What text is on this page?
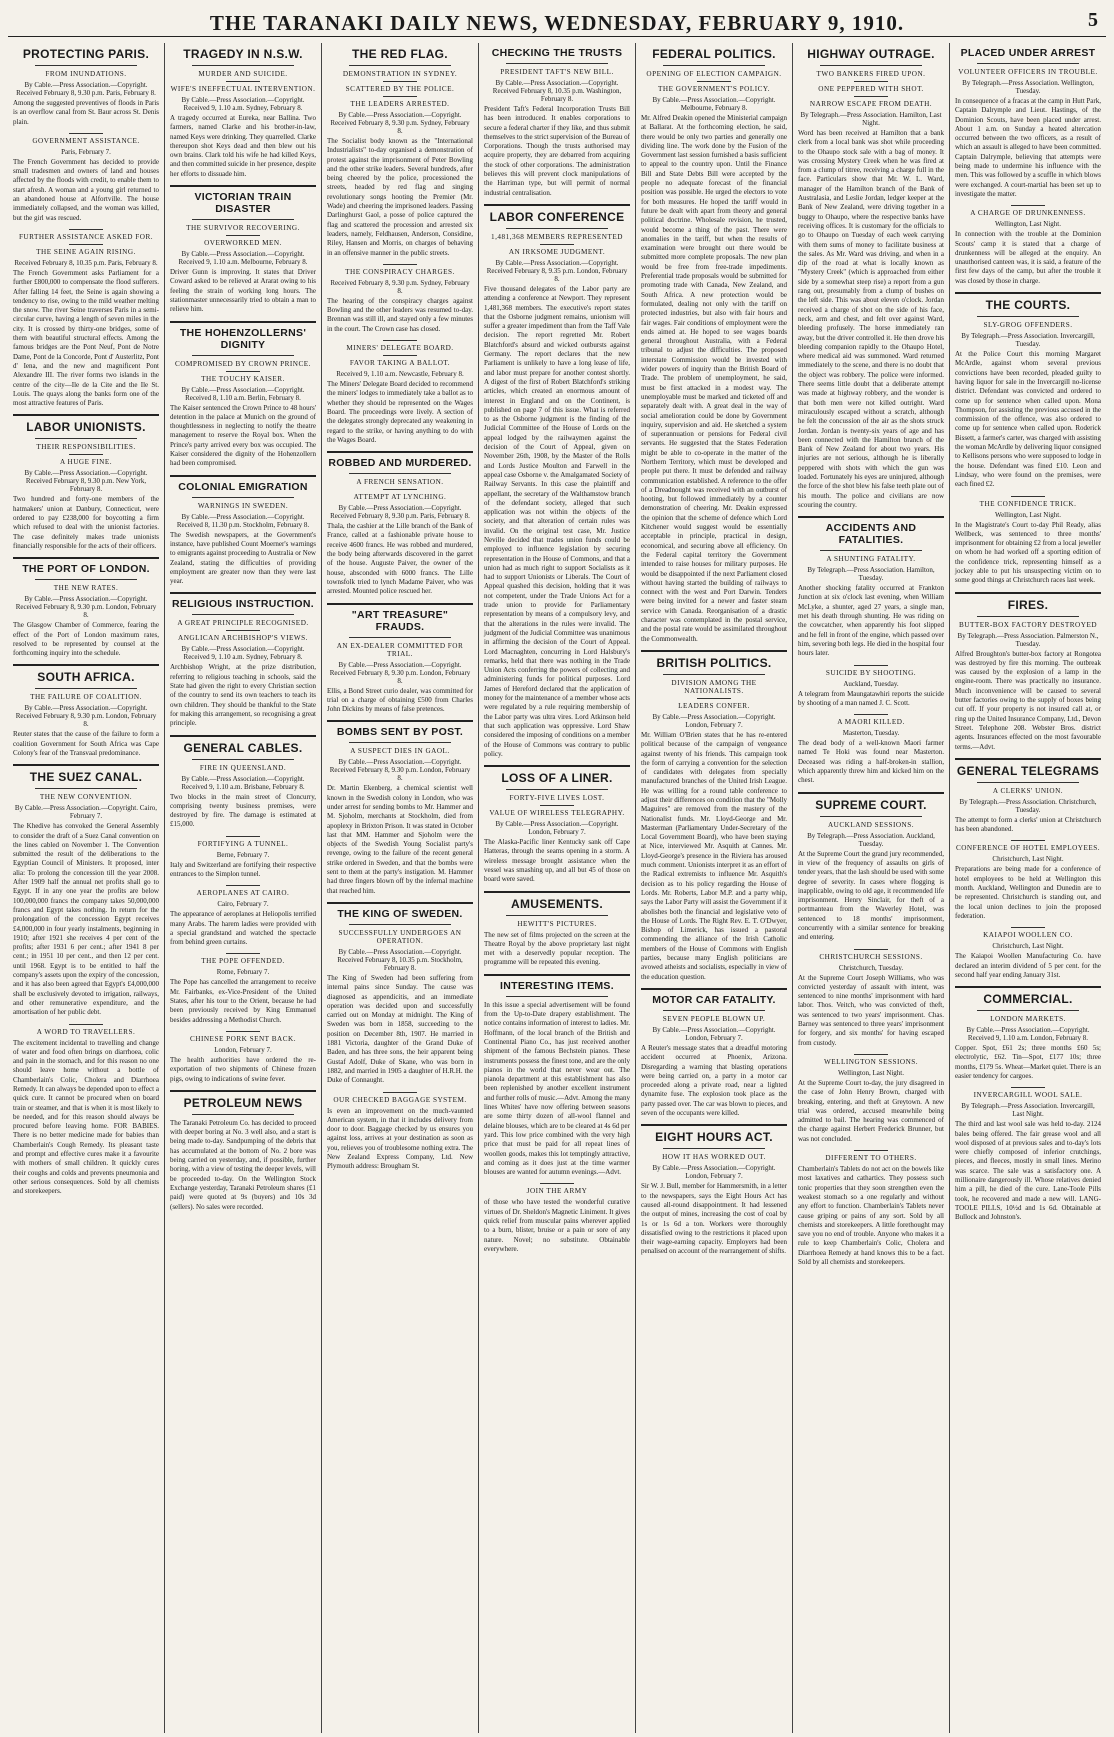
THE TARANAKI DAILY NEWS, WEDNESDAY, FEBRUARY 9, 1910.	5
PROTECTING PARIS.
FROM INUNDATIONS.
By Cable.—Press Association.—Copyright. Received February 8, 9.30 p.m. Paris, February 8.
Among the suggested preventives of floods in Paris is an overflow canal from St. Baur across St. Denis plain.
GOVERNMENT ASSISTANCE.
Paris, February 7.
The French Government has decided to provide small tradesmen and owners of land and houses affected by the floods with credit, to enable them to start afresh. A woman and a young girl returned to an abandoned house at Alfortville. The house immediately collapsed, and the woman was killed, but the girl was rescued.
FURTHER ASSISTANCE ASKED FOR.
THE SEINE AGAIN RISING.
Received February 8, 10.35 p.m. Paris, February 8.
The French Government asks Parliament for a further £800,000 to compensate the flood sufferers. After falling 14 feet, the Seine is again showing a tendency to rise, owing to the mild weather melting the snow. The river Seine traverses Paris in a semi-circular curve, having a length of seven miles in the city. It is crossed by thirty-one bridges, some of them with beautiful structural effects. Among the famous bridges are the Pont Neuf, Pont de Notre Dame, Pont de la Concorde, Pont d' Austerlitz, Pont d' Iena, and the new and magnificent Pont Alexandre III. The river forms two islands in the centre of the city—Ile de la Cite and the Ile St. Louis. The quays along the banks form one of the most attractive features of Paris.
LABOR UNIONISTS.
THEIR RESPONSIBILITIES.
A HUGE FINE.
By Cable.—Press Association.—Copyright. Received February 8, 9.30 p.m. New York, February 8.
Two hundred and forty-one members of the hatmakers' union at Danbury, Connecticut, were ordered to pay £238,000 for boycotting a firm which refused to deal with the unionist factories. The case definitely makes trade unionists financially responsible for the acts of their officers.
THE PORT OF LONDON.
THE NEW RATES.
By Cable.—Press Association.—Copyright. Received February 8, 9.30 p.m. London, February 8.
The Glasgow Chamber of Commerce, fearing the effect of the Port of London maximum rates, resolved to be represented by counsel at the forthcoming inquiry into the schedule.
SOUTH AFRICA.
THE FAILURE OF COALITION.
By Cable.—Press Association.—Copyright. Received February 8, 9.30 p.m. London, February 8.
Reuter states that the cause of the failure to form a coalition Government for South Africa was Cape Colony's fear of the Transvaal predominance.
THE SUEZ CANAL.
THE NEW CONVENTION.
By Cable.—Press Association.—Copyright. Cairo, February 7.
The Khedive has convoked the General Assembly to consider the draft of a Suez Canal convention on the lines cabled on November 1. The Convention submitted the result of the deliberations to the Egyptian Council of Ministers. It proposed, inter alia: To prolong the concession till the year 2008. After 1909 half the annual net profits shall go to Egypt. If in any one year the profits are below 100,000,000 francs the company takes 50,000,000 francs and Egypt takes nothing. In return for the prolongation of the concession Egypt receives £4,000,000 in four yearly instalments, beginning in 1910; after 1921 she receives 4 per cent of the profits; after 1931 6 per cent.; after 1941 8 per cent.; in 1951 10 per cent., and then 12 per cent. until 1968. Egypt is to be entitled to half the company's assets upon the expiry of the concession, and it has also been agreed that Egypt's £4,000,000 shall be exclusively devoted to irrigation, railways, and other remunerative expenditure, and the amortisation of her public debt.
A WORD TO TRAVELLERS.
The excitement incidental to travelling and change of water and food often brings on diarrhoea, colic and pain in the stomach, and for this reason no one should leave home without a bottle of Chamberlain's Colic, Cholera and Diarrhoea Remedy. It can always be depended upon to effect a quick cure. It cannot be procured when on board train or steamer, and that is when it is most likely to be needed, and for this reason should always be procured before leaving home. FOR BABIES. There is no better medicine made for babies than Chamberlain's Cough Remedy. Its pleasant taste and prompt and effective cures make it a favourite with mothers of small children. It quickly cures their coughs and colds and prevents pneumonia and other serious consequences. Sold by all chemists and storekeepers.
TRAGEDY IN N.S.W.
MURDER AND SUICIDE.
WIFE'S INEFFECTUAL INTERVENTION.
By Cable.—Press Association.—Copyright. Received 9, 1.10 a.m. Sydney, February 8.
A tragedy occurred at Eureka, near Ballina. Two farmers, named Clarke and his brother-in-law, named Keys were drinking. They quarrelled. Clarke thereupon shot Keys dead and then blew out his own brains. Clark told his wife he had killed Keys, and then committed suicide in her presence, despite her efforts to dissuade him.
VICTORIAN TRAIN DISASTER
THE SURVIVOR RECOVERING.
OVERWORKED MEN.
By Cable.—Press Association.—Copyright. Received 9, 1.10 a.m. Melbourne, February 8.
Driver Gunn is improving. It states that Driver Coward asked to be relieved at Ararat owing to his feeling the strain of working long hours. The stationmaster unnecessarily tried to obtain a man to relieve him.
THE HOHENZOLLERNS' DIGNITY
COMPROMISED BY CROWN PRINCE.
THE TOUCHY KAISER.
By Cable.—Press Association.—Copyright. Received 8, 1.10 a.m. Berlin, February 8.
The Kaiser sentenced the Crown Prince to 48 hours' detention in the palace at Munich on the ground of thoughtlessness in neglecting to notify the theatre management to reserve the Royal box. When the Prince's party arrived every box was occupied. The Kaiser considered the dignity of the Hohenzollern had been compromised.
COLONIAL EMIGRATION
WARNINGS IN SWEDEN.
By Cable.—Press Association.—Copyright. Received 8, 11.30 p.m. Stockholm, February 8.
The Swedish newspapers, at the Government's instance, have published Count Moerner's warnings to emigrants against proceeding to Australia or New Zealand, stating the difficulties of providing employment are greater now than they were last year.
RELIGIOUS INSTRUCTION.
A GREAT PRINCIPLE RECOGNISED.
ANGLICAN ARCHBISHOP'S VIEWS.
By Cable.—Press Association.—Copyright. Received 9, 1.10 a.m. Sydney, February 8.
Archbishop Wright, at the prize distribution, referring to religious teaching in schools, said the State had given the right to every Christian section of the country to send its own teachers to teach its own children. They should be thankful to the State for making this arrangement, so recognising a great principle.
GENERAL CABLES.
FIRE IN QUEENSLAND.
By Cable.—Press Association.—Copyright. Received 9, 1.10 a.m. Brisbane, February 8.
Two blocks in the main street of Cloncurry, comprising twenty business premises, were destroyed by fire. The damage is estimated at £15,000.
FORTIFYING A TUNNEL.
Berne, February 7.
Italy and Switzerland are fortifying their respective entrances to the Simplon tunnel.
AEROPLANES AT CAIRO.
Cairo, February 7.
The appearance of aeroplanes at Heliopolis terrified many Arabs. The harem ladies were provided with a special grandstand and watched the spectacle from behind green curtains.
THE POPE OFFENDED.
Rome, February 7.
The Pope has cancelled the arrangement to receive Mr. Fairbanks, ex-Vice-President of the United States, after his tour to the Orient, because he had been previously received by King Emmanuel besides addressing a Methodist Church.
CHINESE PORK SENT BACK.
London, February 7.
The health authorities have ordered the re-exportation of two shipments of Chinese frozen pigs, owing to indications of swine fever.
PETROLEUM NEWS
The Taranaki Petroleum Co. has decided to proceed with deeper boring at No. 3 well also, and a start is being made to-day. Sandpumping of the debris that has accumulated at the bottom of No. 2 bore was being carried on yesterday, and, if possible, further boring, with a view of testing the deeper levels, will be proceeded to-day. On the Wellington Stock Exchange yesterday, Taranaki Petroleum shares (£1 paid) were quoted at 9s (buyers) and 10s 3d (sellers). No sales were recorded.
THE RED FLAG.
DEMONSTRATION IN SYDNEY.
SCATTERED BY THE POLICE.
THE LEADERS ARRESTED.
By Cable.—Press Association.—Copyright. Received February 8, 9.30 p.m. Sydney, February 8.
The Socialist body known as the "International Industrialists" to-day organised a demonstration of protest against the imprisonment of Peter Bowling and the other strike leaders. Several hundreds, after being cheered by the police, processioned the streets, headed by red flag and singing revolutionary songs hooting the Premier (Mr. Wade) and cheering the imprisoned leaders. Passing Darlinghurst Gaol, a posse of police captured the flag and scattered the procession and arrested six leaders, namely, Feldhausen, Anderson, Considine, Riley, Hansen and Morris, on charges of behaving in an offensive manner in the public streets.
THE CONSPIRACY CHARGES.
Received February 8, 9.30 p.m. Sydney, February 8.
The hearing of the conspiracy charges against Bowling and the other leaders was resumed to-day. Brennan was still ill, and stayed only a few minutes in the court. The Crown case has closed.
MINERS' DELEGATE BOARD.
FAVOR TAKING A BALLOT.
Received 9, 1.10 a.m. Newcastle, February 8.
The Miners' Delegate Board decided to recommend the miners' lodges to immediately take a ballot as to whether they should be represented on the Wages Board. The proceedings were lively. A section of the delegates strongly deprecated any weakening in regard to the strike, or having anything to do with the Wages Board.
ROBBED AND MURDERED.
A FRENCH SENSATION.
ATTEMPT AT LYNCHING.
By Cable.—Press Association.—Copyright. Received February 8, 9.30 p.m. Paris, February 8.
Thala, the cashier at the Lille branch of the Bank of France, called at a fashionable private house to receive 4600 francs. He was robbed and murdered, the body being afterwards discovered in the garret of the house. Auguste Paiver, the owner of the house, absconded with 6000 francs. The Lille townsfolk tried to lynch Madame Paiver, who was arrested. Mounted police rescued her.
"ART TREASURE" FRAUDS.
AN EX-DEALER COMMITTED FOR TRIAL.
By Cable.—Press Association.—Copyright. Received February 8, 9.30 p.m. London, February 8.
Ellis, a Bond Street curio dealer, was committed for trial on a charge of obtaining £500 from Charles John Dickins by means of false pretences.
BOMBS SENT BY POST.
A SUSPECT DIES IN GAOL.
By Cable.—Press Association.—Copyright. Received February 8, 9.30 p.m. London, February 8.
Dr. Martin Ekenberg, a chemical scientist well known in the Swedish colony in London, who was under arrest for sending bombs to Mr. Hammer and M. Sjoholm, merchants at Stockholm, died from apoplexy in Brixton Prison. It was stated in October last that MM. Hammer and Sjoholm were the objects of the Swedish Young Socialist party's revenge, owing to the failure of the recent general strike ordered in Sweden, and that the bombs were sent to them at the party's instigation. M. Hammer had three fingers blown off by the infernal machine that reached him.
THE KING OF SWEDEN.
SUCCESSFULLY UNDERGOES AN OPERATION.
By Cable.—Press Association.—Copyright. Received February 8, 10.35 p.m. Stockholm, February 8.
The King of Sweden had been suffering from internal pains since Sunday. The cause was diagnosed as appendicitis, and an immediate operation was decided upon and successfully carried out on Monday at midnight. The King of Sweden was born in 1858, succeeding to the position on December 8th, 1907. He married in 1881 Victoria, daughter of the Grand Duke of Baden, and has three sons, the heir apparent being Gustaf Adolf, Duke of Skane, who was born in 1882, and married in 1905 a daughter of H.R.H. the Duke of Connaught.
OUR CHECKED BAGGAGE SYSTEM.
Is even an improvement on the much-vaunted American system, in that it includes delivery from door to door. Baggage checked by us ensures you against loss, arrives at your destination as soon as you, relieves you of troublesome nothing extra. The New Zealand Express Company, Ltd. New Plymouth address: Brougham St.
CHECKING THE TRUSTS
PRESIDENT TAFT'S NEW BILL.
By Cable.—Press Association.—Copyright. Received February 8, 10.35 p.m. Washington, February 8.
President Taft's Federal Incorporation Trusts Bill has been introduced. It enables corporations to secure a federal charter if they like, and thus submit themselves to the strict supervision of the Bureau of Corporations. Though the trusts authorised may acquire property, they are debarred from acquiring the stock of other corporations. The administration believes this will prevent clock manipulations of the Harriman type, but will permit of normal industrial centralisation.
LABOR CONFERENCE
1,481,368 MEMBERS REPRESENTED
AN IRKSOME JUDGMENT.
By Cable.—Press Association.—Copyright. Received February 8, 9.35 p.m. London, February 8.
Five thousand delegates of the Labor party are attending a conference at Newport. They represent 1,481,368 members. The executive's report states that the Osborne judgment remains, unionism will suffer a greater impediment than from the Taff Vale decision. The report regretted Mr. Robert Blatchford's absurd and wicked outbursts against Germany. The report declares that the new Parliament is unlikely to have a long lease of life, and labor must prepare for another contest shortly. A digest of the first of Robert Blatchford's striking articles, which created an enormous amount of interest in England and on the Continent, is published on page 7 of this issue. What is referred to as the Osborne judgment is the finding of the Judicial Committee of the House of Lords on the appeal lodged by the railwaymen against the decision of the Court of Appeal, given on November 26th, 1908, by the Master of the Rolls and Lords Justice Moulton and Farwell in the appeal case Osborne v. the Amalgamated Society of Railway Servants. In this case the plaintiff and appellant, the secretary of the Walthamstow branch of the defendant society, alleged that such application was not within the objects of the society, and that alteration of certain rules was invalid. On the original test case, Mr. Justice Neville decided that trades union funds could be employed to influence legislation by securing representation in the House of Commons, and that a union had as much right to support Socialists as it had to support Unionists or Liberals. The Court of Appeal quashed this decision, holding that it was not competent, under the Trade Unions Act for a trade union to provide for Parliamentary representation by means of a compulsory levy, and that the alterations in the rules were invalid. The judgment of the Judicial Committee was unanimous in affirming the decision of the Court of Appeal. Lord Macnaghten, concurring in Lord Halsbury's remarks, held that there was nothing in the Trade Union Acts conferring the powers of collecting and administering funds for political purposes. Lord James of Hereford declared that the application of money for the maintenance of a member whose acts were regulated by a rule requiring membership of the Labor party was ultra vires. Lord Atkinson held that such application was oppressive. Lord Shaw considered the imposing of conditions on a member of the House of Commons was contrary to public policy.
LOSS OF A LINER.
FORTY-FIVE LIVES LOST.
VALUE OF WIRELESS TELEGRAPHY.
By Cable.—Press Association.—Copyright. London, February 7.
The Alaska-Pacific liner Kentucky sank off Cape Hatteras, through the seams opening in a storm. A wireless message brought assistance when the vessel was smashing up, and all but 45 of those on board were saved.
AMUSEMENTS.
HEWITT'S PICTURES.
The new set of films projected on the screen at the Theatre Royal by the above proprietary last night met with a deservedly popular reception. The programme will be repeated this evening.
INTERESTING ITEMS.
In this issue a special advertisement will be found from the Up-to-Date drapery establishment. The notice contains information of interest to ladies. Mr. Hoffmann, of the local branch of the British and Continental Piano Co., has just received another shipment of the famous Bechstein pianos. These instruments possess the finest tone, and are the only pianos in the world that never wear out. The pianola department at this establishment has also been replenished by another excellent instrument and further rolls of music.—Advt. Among the many lines Whites' have now offering between seasons are some thirty dozen of all-wool flannel and delaine blouses, which are to be cleared at 4s 6d per yard. This low price combined with the very high price that must be paid for all repeat lines of woollen goods, makes this lot temptingly attractive, and coming as it does just at the time warmer blouses are wanted for autumn evenings.—Advt.
JOIN THE ARMY
of those who have tested the wonderful curative virtues of Dr. Sheldon's Magnetic Liniment. It gives quick relief from muscular pains wherever applied to a burn, blister, bruise or a pain or sore of any nature. Novel; no substitute. Obtainable everywhere.
FEDERAL POLITICS.
OPENING OF ELECTION CAMPAIGN.
THE GOVERNMENT'S POLICY.
By Cable.—Press Association.—Copyright. Melbourne, February 8.
Mr. Alfred Deakin opened the Ministerial campaign at Ballarat. At the forthcoming election, he said, there would be only two parties and generally one dividing line. The work done by the Fusion of the Government last session furnished a basis sufficient to appeal to the country upon. Until the Finance Bill and State Debts Bill were accepted by the people no adequate forecast of the financial position was possible. He urged the electors to vote for both measures. He hoped the tariff would in future be dealt with apart from theory and general political doctrine. Wholesale revision, he trusted, would become a thing of the past. There were anomalies in the tariff, but when the results of examination were brought out there would be submitted more complete proposals. The new plan would be free from free-trade impediments. Preferential trade proposals would be submitted for promoting trade with Canada, New Zealand, and South Africa. A new protection would be formulated, dealing not only with the tariff on protected industries, but also with fair hours and fair wages. Fair conditions of employment were the ends aimed at. He hoped to see wages boards general throughout Australia, with a Federal tribunal to adjust the difficulties. The proposed interstate Commission would be invested with wider powers of inquiry than the British Board of Trade. The problem of unemployment, he said, must be first attacked in a modest way. The unemployable must be marked and ticketed off and separately dealt with. A great deal in the way of social amelioration could be done by Government inquiry, supervision and aid. He sketched a system of superannuation or pensions for Federal civil servants. He suggested that the States Federation might be able to co-operate in the matter of the Northern Territory, which must be developed and people put there. It must be defended and railway communication established. A reference to the offer of a Dreadnought was received with an outburst of hooting, but followed immediately by a counter demonstration of cheering. Mr. Deakin expressed the opinion that the scheme of defence which Lord Kitchener would suggest would be essentially acceptable in principle, practical in design, economical, and securing above all efficiency. On the Federal capital territory the Government intended to raise houses for military purposes. He would be disappointed if the next Parliament closed without having started the building of railways to connect with the west and Port Darwin. Tenders were being invited for a newer and faster steam service with Canada. Reorganisation of a drastic character was contemplated in the postal service, and the postal rate would be assimilated throughout the Commonwealth.
BRITISH POLITICS.
DIVISION AMONG THE NATIONALISTS.
LEADERS CONFER.
By Cable.—Press Association.—Copyright. London, February 7.
Mr. William O'Brien states that he has re-entered political because of the campaign of vengeance against twenty of his friends. This campaign took the form of carrying a convention for the selection of candidates with delegates from specially manufactured branches of the United Irish League. He was willing for a round table conference to adjust their differences on condition that the "Molly Maguires" are removed from the mastery of the Nationalist funds. Mr. Lloyd-George and Mr. Masterman (Parliamentary Under-Secretary of the Local Government Board), who have been staying at Nice, interviewed Mr. Asquith at Cannes. Mr. Lloyd-George's presence in the Riviera has aroused much comment. Unionists interpret it as an effort of the Radical extremists to influence Mr. Asquith's decision as to his policy regarding the House of Lords. Mr. Roberts, Labor M.P. and a party whip, says the Labor Party will assist the Government if it abolishes both the financial and legislative veto of the House of Lords. The Right Rev. E. T. O'Dwyer, Bishop of Limerick, has issued a pastoral commending the alliance of the Irish Catholic members of the House of Commons with English parties, because many English politicians are avowed atheists and socialists, especially in view of the education question.
MOTOR CAR FATALITY.
SEVEN PEOPLE BLOWN UP.
By Cable.—Press Association.—Copyright. London, February 7.
A Reuter's message states that a dreadful motoring accident occurred at Phoenix, Arizona. Disregarding a warning that blasting operations were being carried on, a party in a motor car proceeded along a private road, near a lighted dynamite fuse. The explosion took place as the party passed over. The car was blown to pieces, and seven of the occupants were killed.
EIGHT HOURS ACT.
HOW IT HAS WORKED OUT.
By Cable.—Press Association.—Copyright. London, February 7.
Sir W. J. Bull, member for Hammersmith, in a letter to the newspapers, says the Eight Hours Act has caused all-round disappointment. It had lessened the output of mines, increasing the cost of coal by 1s or 1s 6d a ton. Workers were thoroughly dissatisfied owing to the restrictions it placed upon their wage-earning capacity. Employers had been penalised on account of the rearrangement of shifts.
HIGHWAY OUTRAGE.
TWO BANKERS FIRED UPON.
ONE PEPPERED WITH SHOT.
NARROW ESCAPE FROM DEATH.
By Telegraph.—Press Association. Hamilton, Last Night.
Word has been received at Hamilton that a bank clerk from a local bank was shot while proceeding to the Ohaupo stock sale with a bag of money. It was crossing Mystery Creek when he was fired at from a clump of titree, receiving a charge full in the face. Particulars show that Mr. W. L. Ward, manager of the Hamilton branch of the Bank of Australasia, and Leslie Jordan, ledger keeper at the Bank of New Zealand, were driving together in a buggy to Ohaupo, where the respective banks have receiving offices. It is customary for the officials to go to Ohaupo on Tuesday of each week carrying with them sums of money to facilitate business at the sales. As Mr. Ward was driving, and when in a dip of the road at what is locally known as "Mystery Creek" (which is approached from either side by a somewhat steep rise) a report from a gun rang out, presumably from a clump of bushes on the left side. This was about eleven o'clock. Jordan received a charge of shot on the side of his face, neck, arm and chest, and felt over against Ward, bleeding profusely. The horse immediately ran away, but the driver controlled it. He then drove his bleeding companion rapidly to the Ohaupo Hotel, where medical aid was summoned. Ward returned immediately to the scene, and there is no doubt that the object was robbery. The police were informed. There seems little doubt that a deliberate attempt was made at highway robbery, and the wonder is that both men were not killed outright. Ward miraculously escaped without a scratch, although he felt the concussion of the air as the shots struck Jordan. Jordan is twenty-six years of age and has been connected with the Hamilton branch of the Bank of New Zealand for about two years. His injuries are not serious, although he is liberally peppered with shots with which the gun was loaded. Fortunately his eyes are uninjured, although the force of the shot blew his false teeth plate out of his mouth. The police and civilians are now scouring the country.
ACCIDENTS AND FATALITIES.
A SHUNTING FATALITY.
By Telegraph.—Press Association. Hamilton, Tuesday.
Another shocking fatality occurred at Frankton Junction at six o'clock last evening, when William McLyke, a shunter, aged 27 years, a single man, met his death through shunting. He was riding on the cowcatcher, when apparently his foot slipped and he fell in front of the engine, which passed over him, severing both legs. He died in the hospital four hours later.
SUICIDE BY SHOOTING.
Auckland, Tuesday.
A telegram from Maungatawhiri reports the suicide by shooting of a man named J. C. Scott.
A MAORI KILLED.
Masterton, Tuesday.
The dead body of a well-known Maori farmer named Te Hoki was found near Masterton. Deceased was riding a half-broken-in stallion, which apparently threw him and kicked him on the chest.
SUPREME COURT.
AUCKLAND SESSIONS.
By Telegraph.—Press Association. Auckland, Tuesday.
At the Supreme Court the grand jury recommended, in view of the frequency of assaults on girls of tender years, that the lash should be used with some degree of severity. In cases where flogging is inapplicable, owing to old age, it recommended life imprisonment. Henry Sinclair, for theft of a portmanteau from the Waverley Hotel, was sentenced to 18 months' imprisonment, concurrently with a similar sentence for breaking and entering.
CHRISTCHURCH SESSIONS.
Christchurch, Tuesday.
At the Supreme Court Joseph Williams, who was convicted yesterday of assault with intent, was sentenced to nine months' imprisonment with hard labor. Thos. Veitch, who was convicted of theft, was sentenced to two years' imprisonment. Chas. Barney was sentenced to three years' imprisonment for forgery, and six months' for having escaped from custody.
WELLINGTON SESSIONS.
Wellington, Last Night.
At the Supreme Court to-day, the jury disagreed in the case of John Henry Brown, charged with breaking, entering, and theft at Greytown. A new trial was ordered, accused meanwhile being admitted to bail. The hearing was commenced of the charge against Herbert Frederick Brunner, but was not concluded.
DIFFERENT TO OTHERS.
Chamberlain's Tablets do not act on the bowels like most laxatives and cathartics. They possess such tonic properties that they soon strengthen even the weakest stomach so a one regularly and without any effort to function. Chamberlain's Tablets never cause griping or pains of any sort. Sold by all chemists and storekeepers. A little forethought may save you no end of trouble. Anyone who makes it a rule to keep Chamberlain's Colic, Cholera and Diarrhoea Remedy at hand knows this to be a fact. Sold by all chemists and storekeepers.
PLACED UNDER ARREST
VOLUNTEER OFFICERS IN TROUBLE.
By Telegraph.—Press Association. Wellington, Tuesday.
In consequence of a fracas at the camp in Hutt Park, Captain Dalrymple and Lieut. Hastings, of the Dominion Scouts, have been placed under arrest. About 1 a.m. on Sunday a heated altercation occurred between the two officers, as a result of which an assault is alleged to have been committed. Captain Dalrymple, believing that attempts were being made to undermine his influence with the men. This was followed by a scuffle in which blows were exchanged. A court-martial has been set up to investigate the matter.
A CHARGE OF DRUNKENNESS.
Wellington, Last Night.
In connection with the trouble at the Dominion Scouts' camp it is stated that a charge of drunkenness will be alleged at the enquiry. An unauthorised canteen was, it is said, a feature of the first few days of the camp, but after the trouble it was closed by those in charge.
THE COURTS.
SLY-GROG OFFENDERS.
By Telegraph.—Press Association. Invercargill, Tuesday.
At the Police Court this morning Margaret McArdle, against whom several previous convictions have been recorded, pleaded guilty to having liquor for sale in the Invercargill no-license district. Defendant was convicted and ordered to come up for sentence when called upon. Mona Thompson, for assisting the previous accused in the commission of the offence, was also ordered to come up for sentence when called upon. Roderick Bissett, a farmer's carter, was charged with assisting the woman McArdle by delivering liquor consigned to Kellisons persons who were supposed to lodge in the house. Defendant was fined £10. Leon and Lindsay, who were found on the premises, were each fined £2.
THE CONFIDENCE TRICK.
Wellington, Last Night.
In the Magistrate's Court to-day Phil Ready, alias Wellbeck, was sentenced to three months' imprisonment for obtaining £2 from a local jeweller on whom he had worked off a sporting edition of the confidence trick, representing himself as a jockey able to put his unsuspecting victim on to some good things at Christchurch races last week.
FIRES.
BUTTER-BOX FACTORY DESTROYED
By Telegraph.—Press Association. Palmerston N., Tuesday.
Alfred Broughton's butter-box factory at Rongotea was destroyed by fire this morning. The outbreak was caused by the explosion of a lamp in the engine-room. There was practically no insurance. Much inconvenience will be caused to several butter factories owing to the supply of boxes being cut off. If your property is not insured call at, or ring up the United Insurance Company, Ltd., Devon Street. Telephone 208. Webster Bros. district agents. Insurances effected on the most favourable terms.—Advt.
GENERAL TELEGRAMS
A CLERKS' UNION.
By Telegraph.—Press Association. Christchurch, Tuesday.
The attempt to form a clerks' union at Christchurch has been abandoned.
CONFERENCE OF HOTEL EMPLOYEES.
Christchurch, Last Night.
Preparations are being made for a conference of hotel employees to be held at Wellington this month. Auckland, Wellington and Dunedin are to be represented. Christchurch is standing out, and the local union declines to join the proposed federation.
KAIAPOI WOOLLEN CO.
Christchurch, Last Night.
The Kaiapoi Woollen Manufacturing Co. have declared an interim dividend of 5 per cent. for the second half year ending January 31st.
COMMERCIAL.
LONDON MARKETS.
By Cable.—Press Association.—Copyright. Received 9, 1.10 a.m. London, February 8.
Copper. Spot, £61 2s; three months £60 5s; electrolytic, £62. Tin—Spot, £177 10s; three months, £179 5s. Wheat—Market quiet. There is an easier tendency for cargoes.
INVERCARGILL WOOL SALE.
By Telegraph.—Press Association. Invercargill, Last Night.
The third and last wool sale was held to-day. 2124 bales being offered. The fair grease wool and all wool disposed of at previous sales and to-day's lots were chiefly composed of inferior crutchings, pieces, and fleeces, mostly in small lines. Merino was scarce. The sale was a satisfactory one. A millionaire dangerously ill. Whose relatives denied him a pill, he died of the cure. Lane-Toole Pills took, he recovered and made a new will. LANG-TOOLE PILLS, 10½d and 1s 6d. Obtainable at Bullock and Johnston's.
